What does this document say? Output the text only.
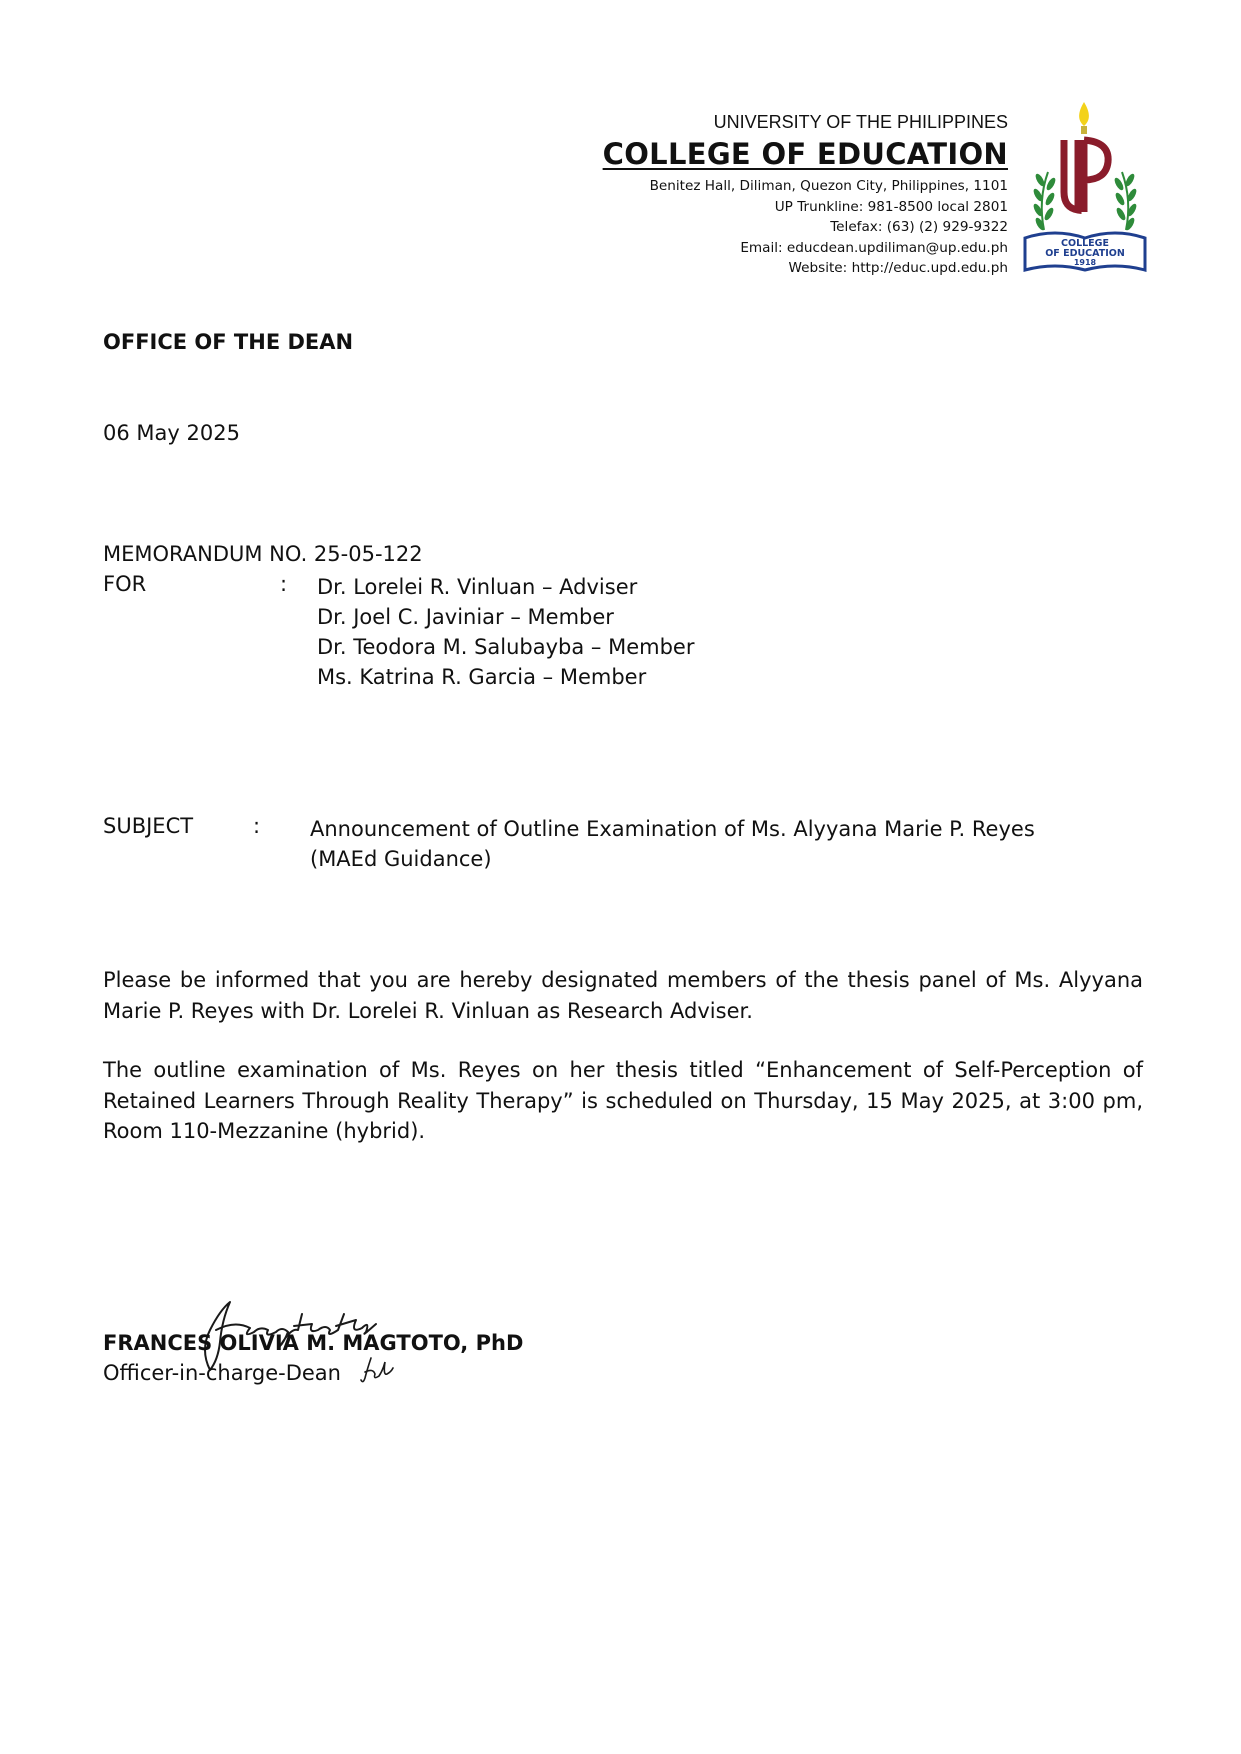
UNIVERSITY OF THE PHILIPPINES
COLLEGE OF EDUCATION
Benitez Hall, Diliman, Quezon City, Philippines, 1101
UP Trunkline: 981-8500 local 2801
Telefax: (63) (2) 929-9322
Email: educdean.updiliman@up.edu.ph
Website: http://educ.upd.edu.ph
COLLEGE
OF EDUCATION
1918
OFFICE OF THE DEAN
06 May 2025
MEMORANDUM NO. 25-05-122
FOR	: Dr. Lorelei R. Vinluan – Adviser
Dr. Joel C. Javiniar – Member
Dr. Teodora M. Salubayba – Member
Ms. Katrina R. Garcia – Member
SUBJECT	: Announcement of Outline Examination of Ms. Alyyana Marie P. Reyes
(MAEd Guidance)
Please be informed that you are hereby designated members of the thesis panel of Ms. Alyyana Marie P. Reyes with Dr. Lorelei R. Vinluan as Research Adviser.
The outline examination of Ms. Reyes on her thesis titled “Enhancement of Self-Perception of Retained Learners Through Reality Therapy” is scheduled on Thursday, 15 May 2025, at 3:00 pm, Room 110-Mezzanine (hybrid).
FRANCES OLIVIA M. MAGTOTO, PhD
Officer-in-charge-Dean
